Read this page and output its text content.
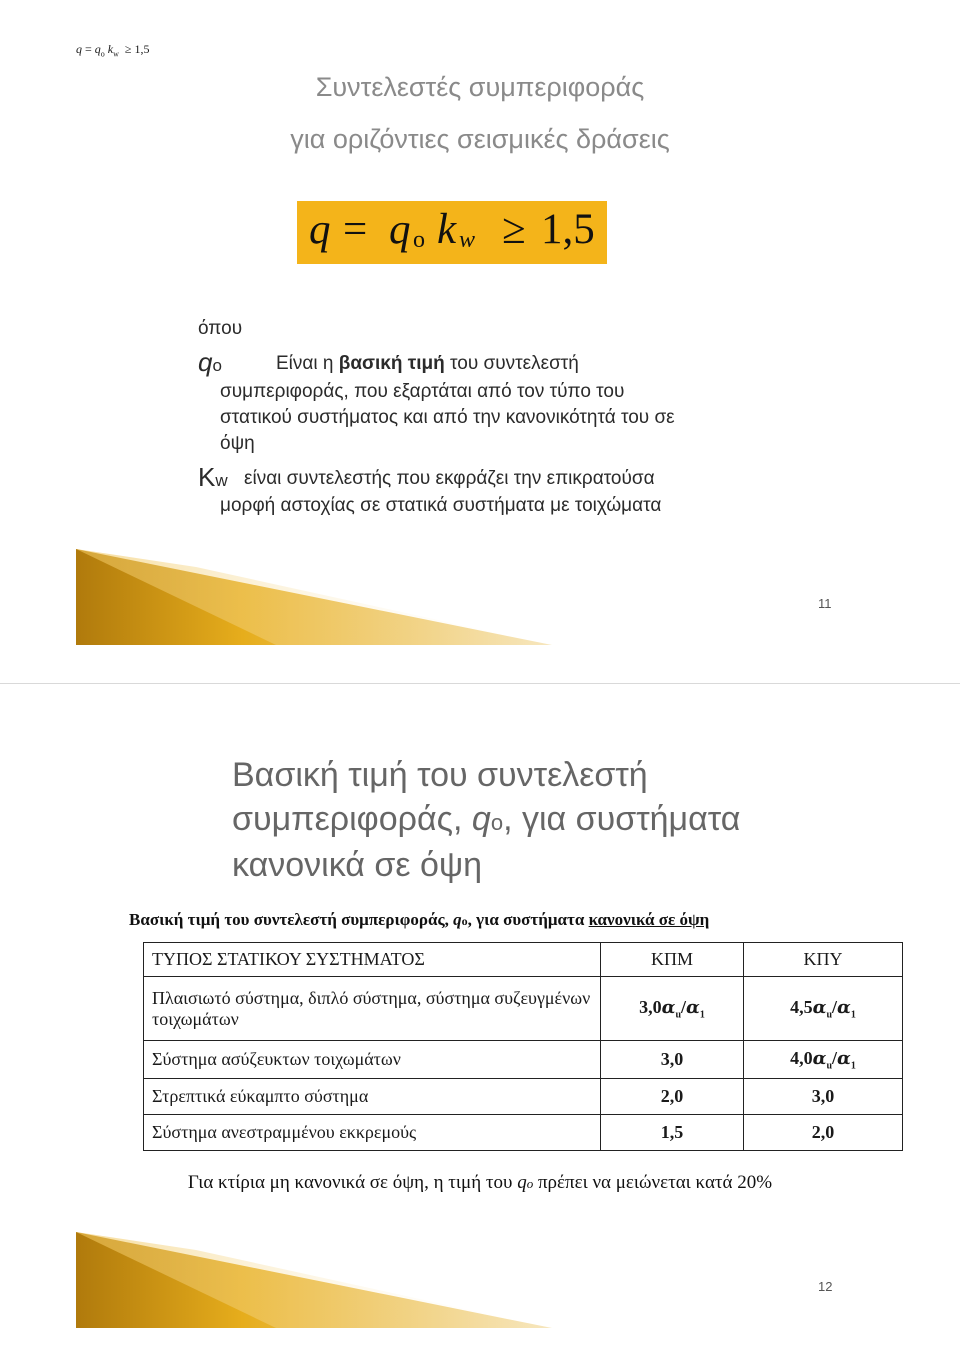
$q = q_o$ $k_w \ge 1,5$
Συντελεστές συμπεριφοράς
για οριζόντιες σεισμικές δράσεις
q = q o k w ≥ 1,5
όπου
qo	Είναι η βασική τιμή του συντελεστή
συμπεριφοράς, που εξαρτάται από τον τύπο του
στατικού συστήματος και από την κανονικότητά του σε
όψη
Kw είναι συντελεστής που εκφράζει την επικρατούσα
μορφή αστοχίας σε στατικά συστήματα με τοιχώματα
11
Βασική τιμή του συντελεστή
συμπεριφοράς, qo, για συστήματα
κανονικά σε όψη
Βασική τιμή του συντελεστή συμπεριφοράς, qo, για συστήματα κανονικά σε όψη
ΤΥΠΟΣ ΣΤΑΤΙΚΟΥ ΣΥΣΤΗΜΑΤΟΣ	ΚΠΜ	ΚΠΥ
Πλαισιωτό σύστημα, διπλό σύστημα, σύστημα συζευγμένων τοιχωμάτων	$3,0\alpha_u/\alpha_1$	$4,5\alpha_u/\alpha_1$
Σύστημα ασύζευκτων τοιχωμάτων	3,0	$4,0\alpha_u/\alpha_1$
Στρεπτικά εύκαμπτο σύστημα	2,0	3,0
Σύστημα ανεστραμμένου εκκρεμούς	1,5	2,0
Για κτίρια μη κανονικά σε όψη, η τιμή του qo πρέπει να μειώνεται κατά 20%
12
